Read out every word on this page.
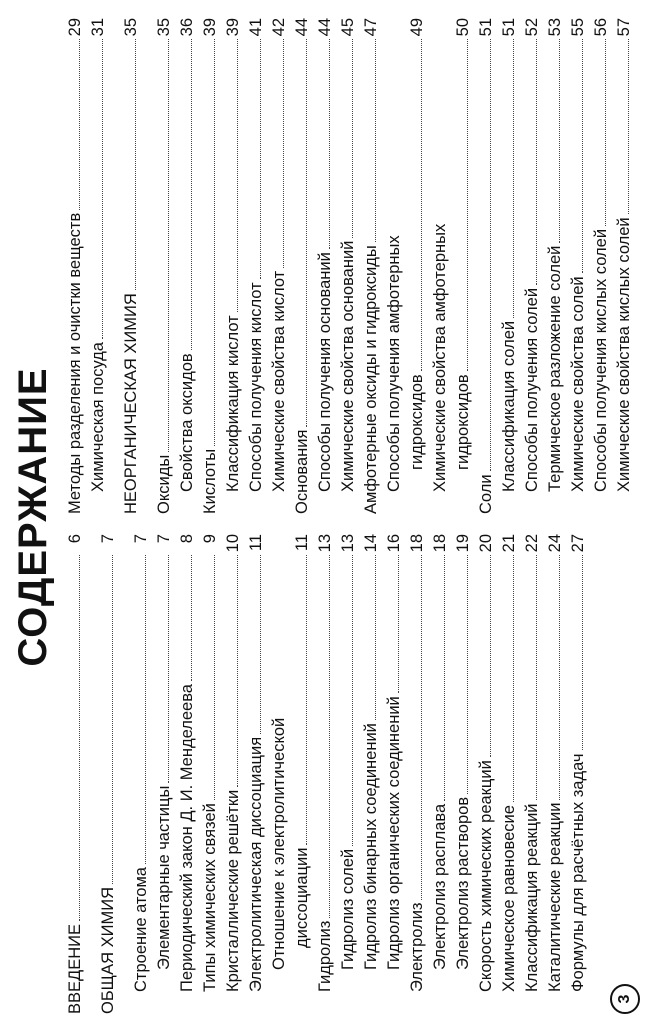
СОДЕРЖАНИЕ
ВВЕДЕНИЕ
6
ОБЩАЯ ХИМИЯ
7
Строение атома
7
Элементарные частицы
7
Периодический закон Д. И. Менделеева
8
Типы химических связей
9
Кристаллические решётки
10
Электролитическая диссоциация
11
Отношение к электролитической диссоциации
11
Гидролиз
13
Гидролиз солей
13
Гидролиз бинарных соединений
14
Гидролиз органических соединений
16
Электролиз
18
Электролиз расплава
18
Электролиз растворов
19
Скорость химических реакций
20
Химическое равновесие
21
Классификация реакций
22
Каталитические реакции
24
Формулы для расчётных задач
27
Методы разделения и очистки веществ
29
Химическая посуда
31
НЕОРГАНИЧЕСКАЯ ХИМИЯ
35
Оксиды
35
Свойства оксидов
36
Кислоты
39
Классификация кислот
39
Способы получения кислот
41
Химические свойства кислот
42
Основания
44
Способы получения оснований
44
Химические свойства оснований
45
Амфотерные оксиды и гидроксиды
47
Способы получения амфотерных гидроксидов
49
Химические свойства амфотерных гидроксидов
50
Соли
51
Классификация солей
51
Способы получения солей
52
Термическое разложение солей
53
Химические свойства солей
55
Способы получения кислых солей
56
Химические свойства кислых солей
57
3
